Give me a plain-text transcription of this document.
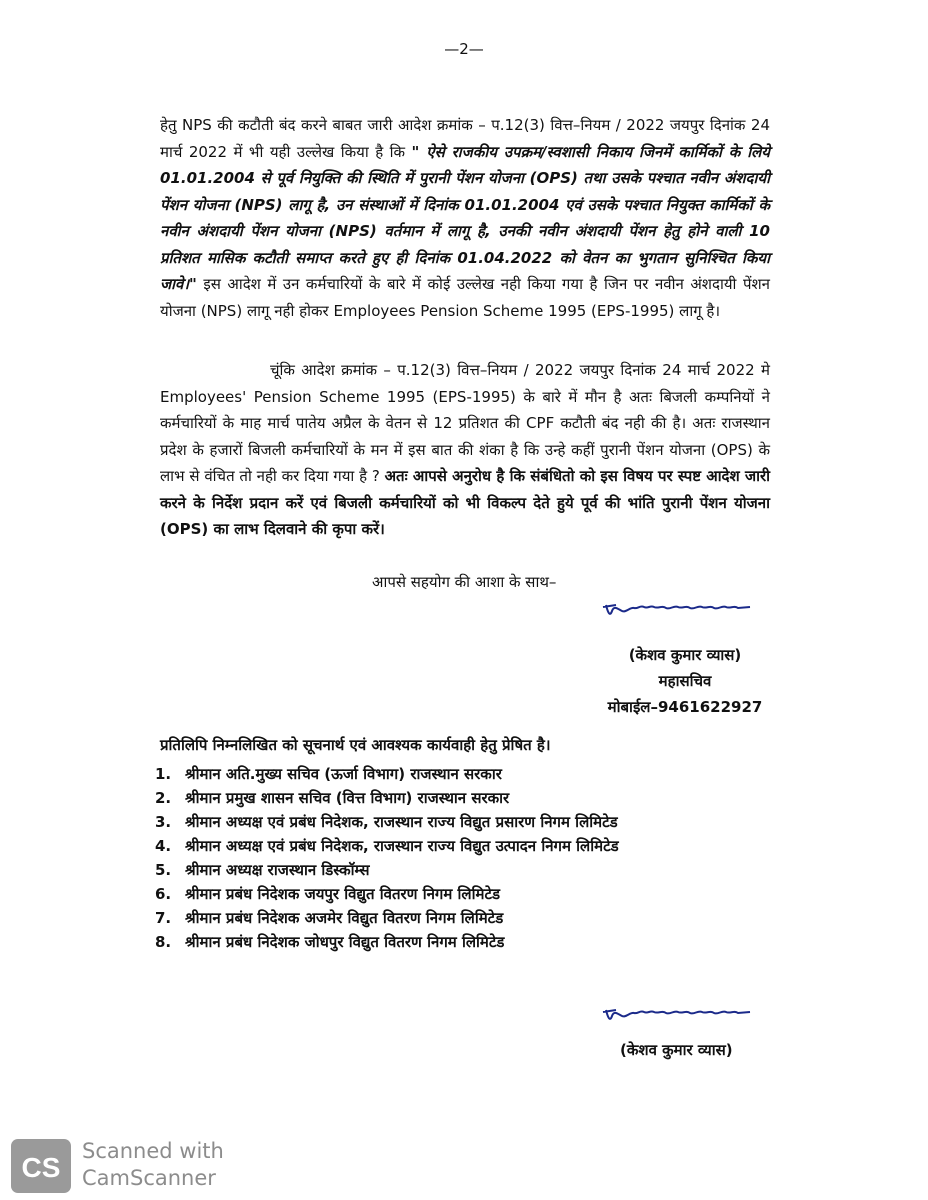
—2—
हेतु NPS की कटौती बंद करने बाबत जारी आदेश क्रमांक – प.12(3) वित्त–नियम / 2022 जयपुर दिनांक 24 मार्च 2022 में भी यही उल्लेख किया है कि " ऐसे राजकीय उपक्रम/स्वशासी निकाय जिनमें कार्मिकों के लिये 01.01.2004 से पूर्व नियुक्ति की स्थिति में पुरानी पेंशन योजना (OPS) तथा उसके पश्चात नवीन अंशदायी पेंशन योजना (NPS) लागू है, उन संस्थाओं में दिनांक 01.01.2004 एवं उसके पश्चात नियुक्त कार्मिकों के नवीन अंशदायी पेंशन योजना (NPS) वर्तमान में लागू है, उनकी नवीन अंशदायी पेंशन हेतु होने वाली 10 प्रतिशत मासिक कटौती समाप्त करते हुए ही दिनांक 01.04.2022 को वेतन का भुगतान सुनिश्चित किया जावे।" इस आदेश में उन कर्मचारियों के बारे में कोई उल्लेख नही किया गया है जिन पर नवीन अंशदायी पेंशन योजना (NPS) लागू नही होकर Employees Pension Scheme 1995 (EPS-1995) लागू है।
चूंकि आदेश क्रमांक – प.12(3) वित्त–नियम / 2022 जयपुर दिनांक 24 मार्च 2022 मे Employees' Pension Scheme 1995 (EPS-1995) के बारे में मौन है अतः बिजली कम्पनियों ने कर्मचारियों के माह मार्च पातेय अप्रैल के वेतन से 12 प्रतिशत की CPF कटौती बंद नही की है। अतः राजस्थान प्रदेश के हजारों बिजली कर्मचारियों के मन में इस बात की शंका है कि उन्हे कहीं पुरानी पेंशन योजना (OPS) के लाभ से वंचित तो नही कर दिया गया है ? अतः आपसे अनुरोध है कि संबंधितो को इस विषय पर स्पष्ट आदेश जारी करने के निर्देश प्रदान करें एवं बिजली कर्मचारियों को भी विकल्प देते हुये पूर्व की भांति पुरानी पेंशन योजना (OPS) का लाभ दिलवाने की कृपा करें।
आपसे सहयोग की आशा के साथ–
(केशव कुमार व्यास)
महासचिव
मोबाईल–9461622927
प्रतिलिपि निम्नलिखित को सूचनार्थ एवं आवश्यक कार्यवाही हेतु प्रेषित है।
1. श्रीमान अति.मुख्य सचिव (ऊर्जा विभाग) राजस्थान सरकार
2. श्रीमान प्रमुख शासन सचिव (वित्त विभाग) राजस्थान सरकार
3. श्रीमान अध्यक्ष एवं प्रबंध निदेशक, राजस्थान राज्य विद्युत प्रसारण निगम लिमिटेड
4. श्रीमान अध्यक्ष एवं प्रबंध निदेशक, राजस्थान राज्य विद्युत उत्पादन निगम लिमिटेड
5. श्रीमान अध्यक्ष राजस्थान डिस्कॉम्स
6. श्रीमान प्रबंध निदेशक जयपुर विद्युत वितरण निगम लिमिटेड
7. श्रीमान प्रबंध निदेशक अजमेर विद्युत वितरण निगम लिमिटेड
8. श्रीमान प्रबंध निदेशक जोधपुर विद्युत वितरण निगम लिमिटेड
(केशव कुमार व्यास)
CS
Scanned with
CamScanner
